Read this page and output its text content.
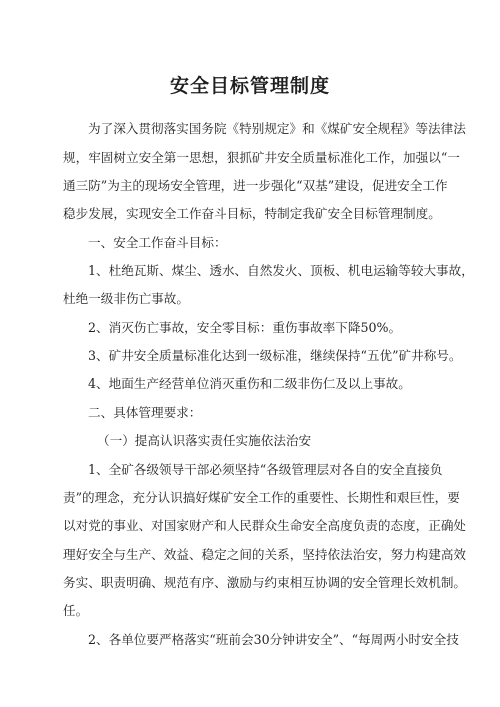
安全目标管理制度

为了深入贯彻落实国务院《特别规定》和《煤矿安全规程》等法律法

规，牢固树立安全第一思想，狠抓矿井安全质量标准化工作，加强以“一

通三防”为主的现场安全管理，进一步强化“双基”建设，促进安全工作

稳步发展，实现安全工作奋斗目标，特制定我矿安全目标管理制度。

一、安全工作奋斗目标：

1、杜绝瓦斯、煤尘、透水、自然发火、顶板、机电运输等较大事故，

杜绝一级非伤亡事故。

2、消灭伤亡事故，安全零目标：重伤事故率下降50%。

3、矿井安全质量标准化达到一级标准，继续保持“五优”矿井称号。

4、地面生产经营单位消灭重伤和二级非伤仁及以上事故。

二、具体管理要求：

（一）提高认识落实责任实施依法治安

1、全矿各级领导干部必须坚持“各级管理层对各自的安全直接负

责”的理念，充分认识搞好煤矿安全工作的重要性、长期性和艰巨性，要

以对党的事业、对国家财产和人民群众生命安全高度负责的态度，正确处

理好安全与生产、效益、稳定之间的关系，坚持依法治安，努力构建高效

务实、职责明确、规范有序、激励与约束相互协调的安全管理长效机制。

任。

2、各单位要严格落实“班前会30分钟讲安全”、“每周两小时安全技
